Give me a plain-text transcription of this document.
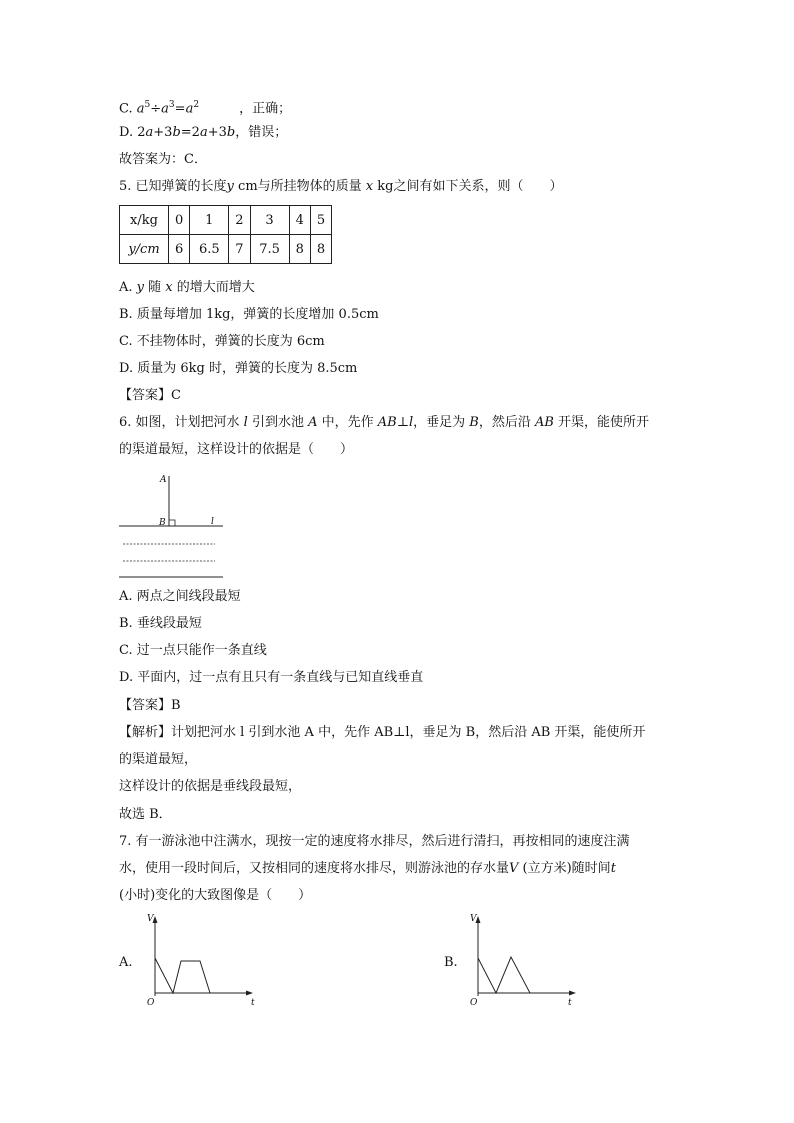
C. $a^5\div a^3=a^2$	，正确；
D. 2a+3b=2a+3b，错误；
故答案为：C．
5. 已知弹簧的长度y cm与所挂物体的质量 x kg之间有如下关系，则（　　）
x/kg	0	1	2	3	4	5
y/cm	6	6.5	7	7.5	8	8
A. y 随 x 的增大而增大
B. 质量每增加 1kg，弹簧的长度增加 0.5cm
C. 不挂物体时，弹簧的长度为 6cm
D. 质量为 6kg 时，弹簧的长度为 8.5cm
【答案】C
6. 如图，计划把河水 l 引到水池 A 中，先作 AB⊥l，垂足为 B，然后沿 AB 开渠，能使所开
的渠道最短，这样设计的依据是（　　）
A
B	l
A. 两点之间线段最短
B. 垂线段最短
C. 过一点只能作一条直线
D. 平面内，过一点有且只有一条直线与已知直线垂直
【答案】B
【解析】计划把河水 l 引到水池 A 中，先作 AB⊥l，垂足为 B，然后沿 AB 开渠，能使所开
的渠道最短，
这样设计的依据是垂线段最短，
故选 B．
7. 有一游泳池中注满水，现按一定的速度将水排尽，然后进行清扫，再按相同的速度注满
水，使用一段时间后，又按相同的速度将水排尽，则游泳池的存水量V (立方米)随时间t
(小时)变化的大致图像是（　　）
A.
V
t
O
B.
V
t
O
